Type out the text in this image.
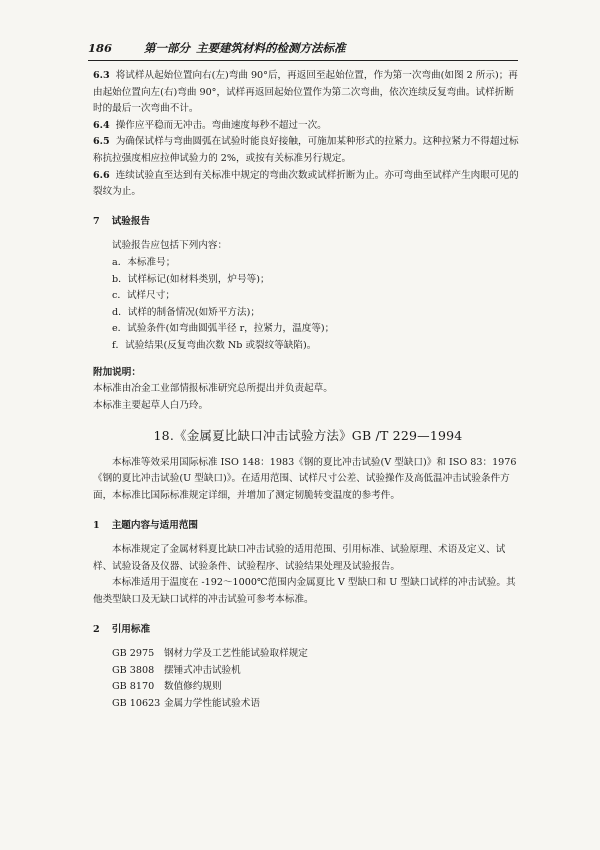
186	第一部分 主要建筑材料的检测方法标准
6.3 将试样从起始位置向右(左)弯曲 90°后，再返回至起始位置，作为第一次弯曲(如图 2 所示)；再由起始位置向左(右)弯曲 90°，试样再返回起始位置作为第二次弯曲，依次连续反复弯曲。试样折断时的最后一次弯曲不计。
6.4 操作应平稳而无冲击。弯曲速度每秒不超过一次。
6.5 为确保试样与弯曲圆弧在试验时能良好接触，可施加某种形式的拉紧力。这种拉紧力不得超过标称抗拉强度相应拉伸试验力的 2%，或按有关标准另行规定。
6.6 连续试验直至达到有关标准中规定的弯曲次数或试样折断为止。亦可弯曲至试样产生肉眼可见的裂纹为止。
7 试验报告
试验报告应包括下列内容：
a．本标准号；
b．试样标记(如材料类别，炉号等)；
c．试样尺寸；
d．试样的制备情况(如矫平方法)；
e．试验条件(如弯曲圆弧半径 r，拉紧力，温度等)；
f．试验结果(反复弯曲次数 Nb 或裂纹等缺陷)。
附加说明：
本标准由冶金工业部情报标准研究总所提出并负责起草。
本标准主要起草人白乃玲。
18.《金属夏比缺口冲击试验方法》GB /T 229—1994
本标准等效采用国际标准 ISO 148：1983《钢的夏比冲击试验(V 型缺口)》和 ISO 83：1976《钢的夏比冲击试验(U 型缺口)》。在适用范围、试样尺寸公差、试验操作及高低温冲击试验条件方面，本标准比国际标准规定详细，并增加了测定韧脆转变温度的参考件。
1 主题内容与适用范围
本标准规定了金属材料夏比缺口冲击试验的适用范围、引用标准、试验原理、术语及定义、试样、试验设备及仪器、试验条件、试验程序、试验结果处理及试验报告。
本标准适用于温度在 -192～1000℃范围内金属夏比 V 型缺口和 U 型缺口试样的冲击试验。其他类型缺口及无缺口试样的冲击试验可参考本标准。
2 引用标准
GB 2975	钢材力学及工艺性能试验取样规定
GB 3808	摆锤式冲击试验机
GB 8170	数值修约规则
GB 10623 金属力学性能试验术语
